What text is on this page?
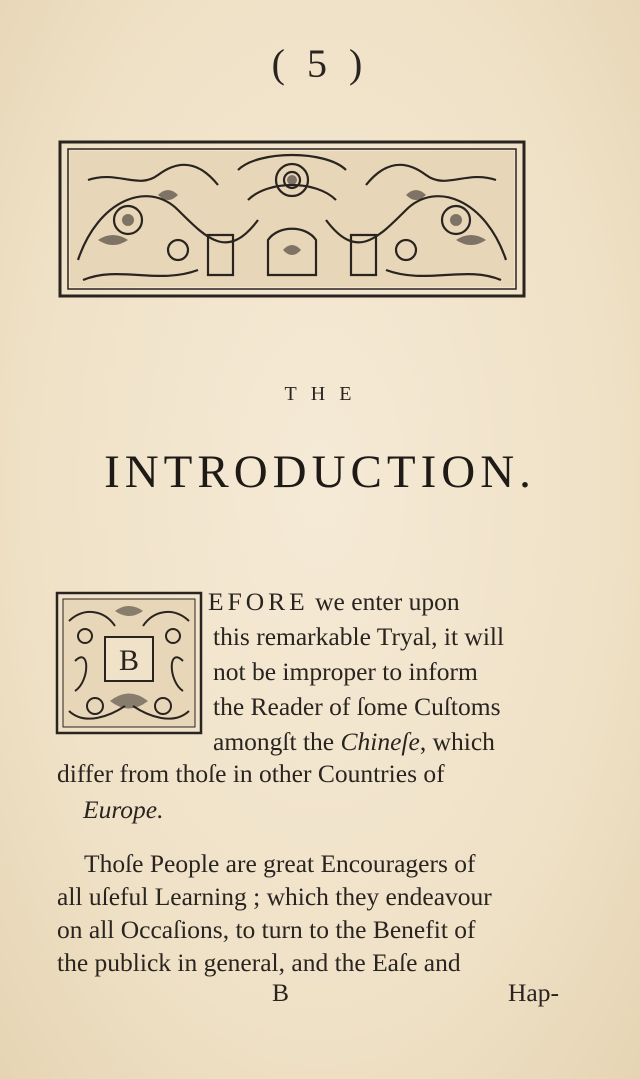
( 5 )
THE
INTRODUCTION.
B
EFORE we enter upon
this remarkable Tryal, it will
not be improper to inform
the Reader of ſome Cuſtoms
amongſt the Chineſe, which
differ from thoſe in other Countries of
Europe.
Thoſe People are great Encouragers of
all uſeful Learning ; which they endeavour
on all Occaſions, to turn to the Benefit of
the publick in general, and the Eaſe and
B	Hap-
